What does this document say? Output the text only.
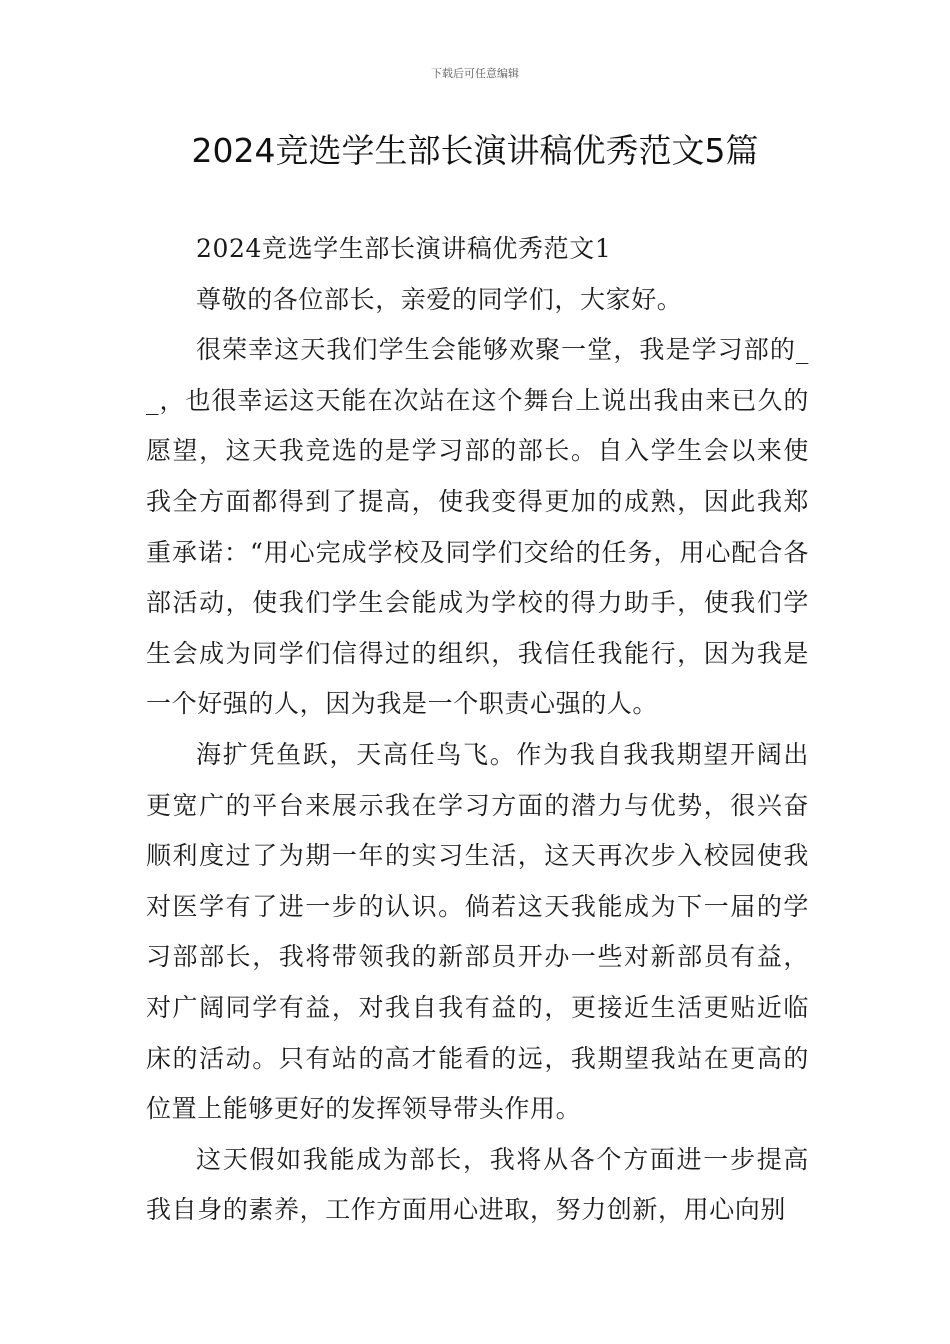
下载后可任意编辑
2024竞选学生部长演讲稿优秀范文5篇

2024竞选学生部长演讲稿优秀范文1

尊敬的各位部长，亲爱的同学们，大家好。

很荣幸这天我们学生会能够欢聚一堂，我是学习部的__，也很幸运这天能在次站在这个舞台上说出我由来已久的愿望，这天我竞选的是学习部的部长。自入学生会以来使我全方面都得到了提高，使我变得更加的成熟，因此我郑重承诺：“用心完成学校及同学们交给的任务，用心配合各部活动，使我们学生会能成为学校的得力助手，使我们学生会成为同学们信得过的组织，我信任我能行，因为我是一个好强的人，因为我是一个职责心强的人。

海扩凭鱼跃，天高任鸟飞。作为我自我我期望开阔出更宽广的平台来展示我在学习方面的潜力与优势，很兴奋顺利度过了为期一年的实习生活，这天再次步入校园使我对医学有了进一步的认识。倘若这天我能成为下一届的学习部部长，我将带领我的新部员开办一些对新部员有益，对广阔同学有益，对我自我有益的，更接近生活更贴近临床的活动。只有站的高才能看的远，我期望我站在更高的位置上能够更好的发挥领导带头作用。

这天假如我能成为部长，我将从各个方面进一步提高我自身的素养，工作方面用心进取，努力创新，用心向别
